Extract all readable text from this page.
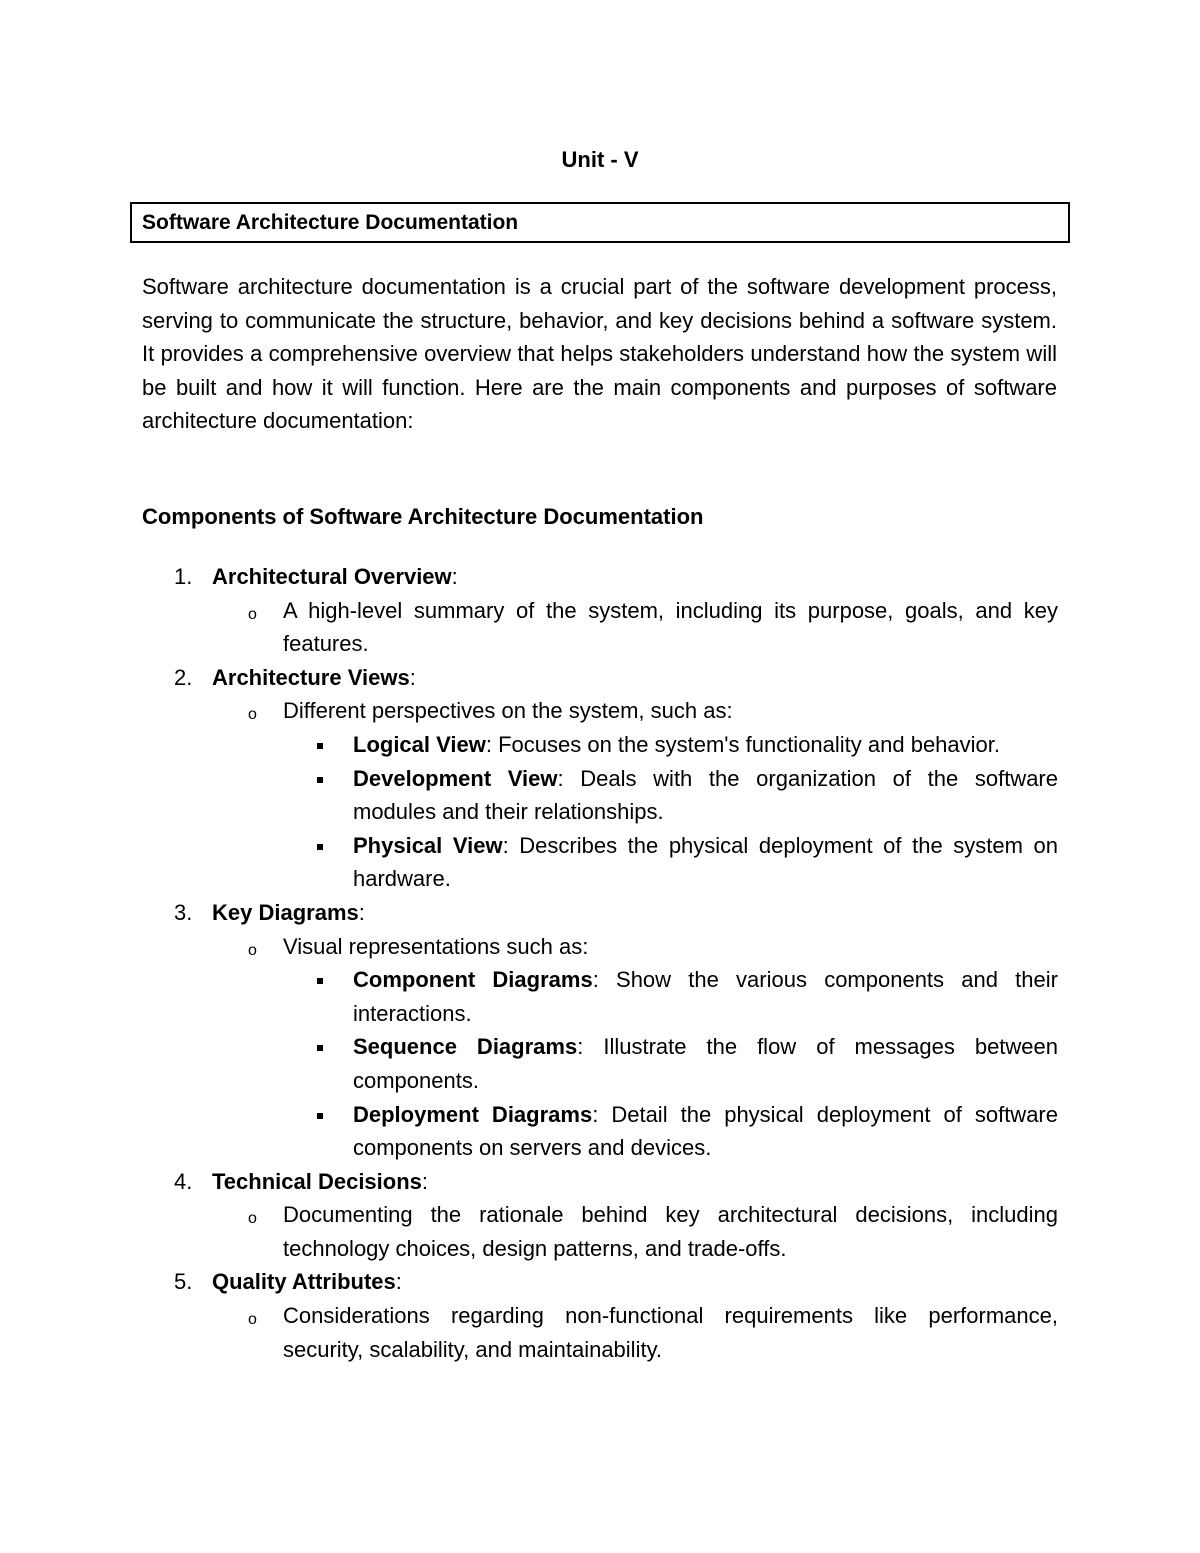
Unit - V
Software Architecture Documentation

Software architecture documentation is a crucial part of the software development process, serving to communicate the structure, behavior, and key decisions behind a software system. It provides a comprehensive overview that helps stakeholders understand how the system will be built and how it will function. Here are the main components and purposes of software architecture documentation:

Components of Software Architecture Documentation
1. Architectural Overview:
o A high-level summary of the system, including its purpose, goals, and key features.
2. Architecture Views:
o Different perspectives on the system, such as:
Logical View: Focuses on the system's functionality and behavior.
Development View: Deals with the organization of the software modules and their relationships.
Physical View: Describes the physical deployment of the system on hardware.
3. Key Diagrams:
o Visual representations such as:
Component Diagrams: Show the various components and their interactions.
Sequence Diagrams: Illustrate the flow of messages between components.
Deployment Diagrams: Detail the physical deployment of software components on servers and devices.
4. Technical Decisions:
o Documenting the rationale behind key architectural decisions, including technology choices, design patterns, and trade-offs.
5. Quality Attributes:
o Considerations regarding non-functional requirements like performance, security, scalability, and maintainability.
